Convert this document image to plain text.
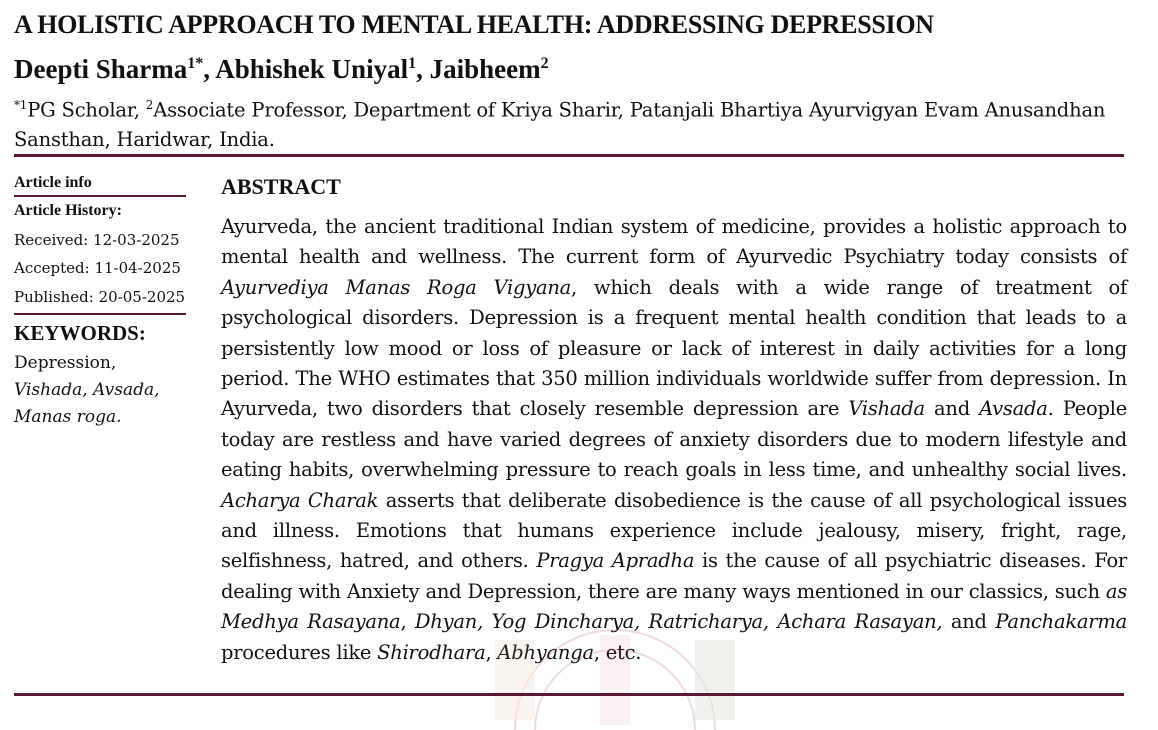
A HOLISTIC APPROACH TO MENTAL HEALTH: ADDRESSING DEPRESSION
Deepti Sharma$^{1*}$, Abhishek Uniyal$^1$, Jaibheem$^2$
$^{*1}$PG Scholar, $^2$Associate Professor, Department of Kriya Sharir, Patanjali Bhartiya Ayurvigyan Evam Anusandhan Sansthan, Haridwar, India.
Article info
Article History:
Received: 12-03-2025
Accepted: 11-04-2025
Published: 20-05-2025
KEYWORDS:
Depression,
Vishada, Avsada,
Manas roga.
ABSTRACT
Ayurveda, the ancient traditional Indian system of medicine, provides a holistic approach to mental health and wellness. The current form of Ayurvedic Psychiatry today consists of Ayurvediya Manas Roga Vigyana, which deals with a wide range of treatment of psychological disorders. Depression is a frequent mental health condition that leads to a persistently low mood or loss of pleasure or lack of interest in daily activities for a long period. The WHO estimates that 350 million individuals worldwide suffer from depression. In Ayurveda, two disorders that closely resemble depression are Vishada and Avsada. People today are restless and have varied degrees of anxiety disorders due to modern lifestyle and eating habits, overwhelming pressure to reach goals in less time, and unhealthy social lives. Acharya Charak asserts that deliberate disobedience is the cause of all psychological issues and illness. Emotions that humans experience include jealousy, misery, fright, rage, selfishness, hatred, and others. Pragya Apradha is the cause of all psychiatric diseases. For dealing with Anxiety and Depression, there are many ways mentioned in our classics, such as Medhya Rasayana, Dhyan, Yog Dincharya, Ratricharya, Achara Rasayan, and Panchakarma procedures like Shirodhara, Abhyanga, etc.
